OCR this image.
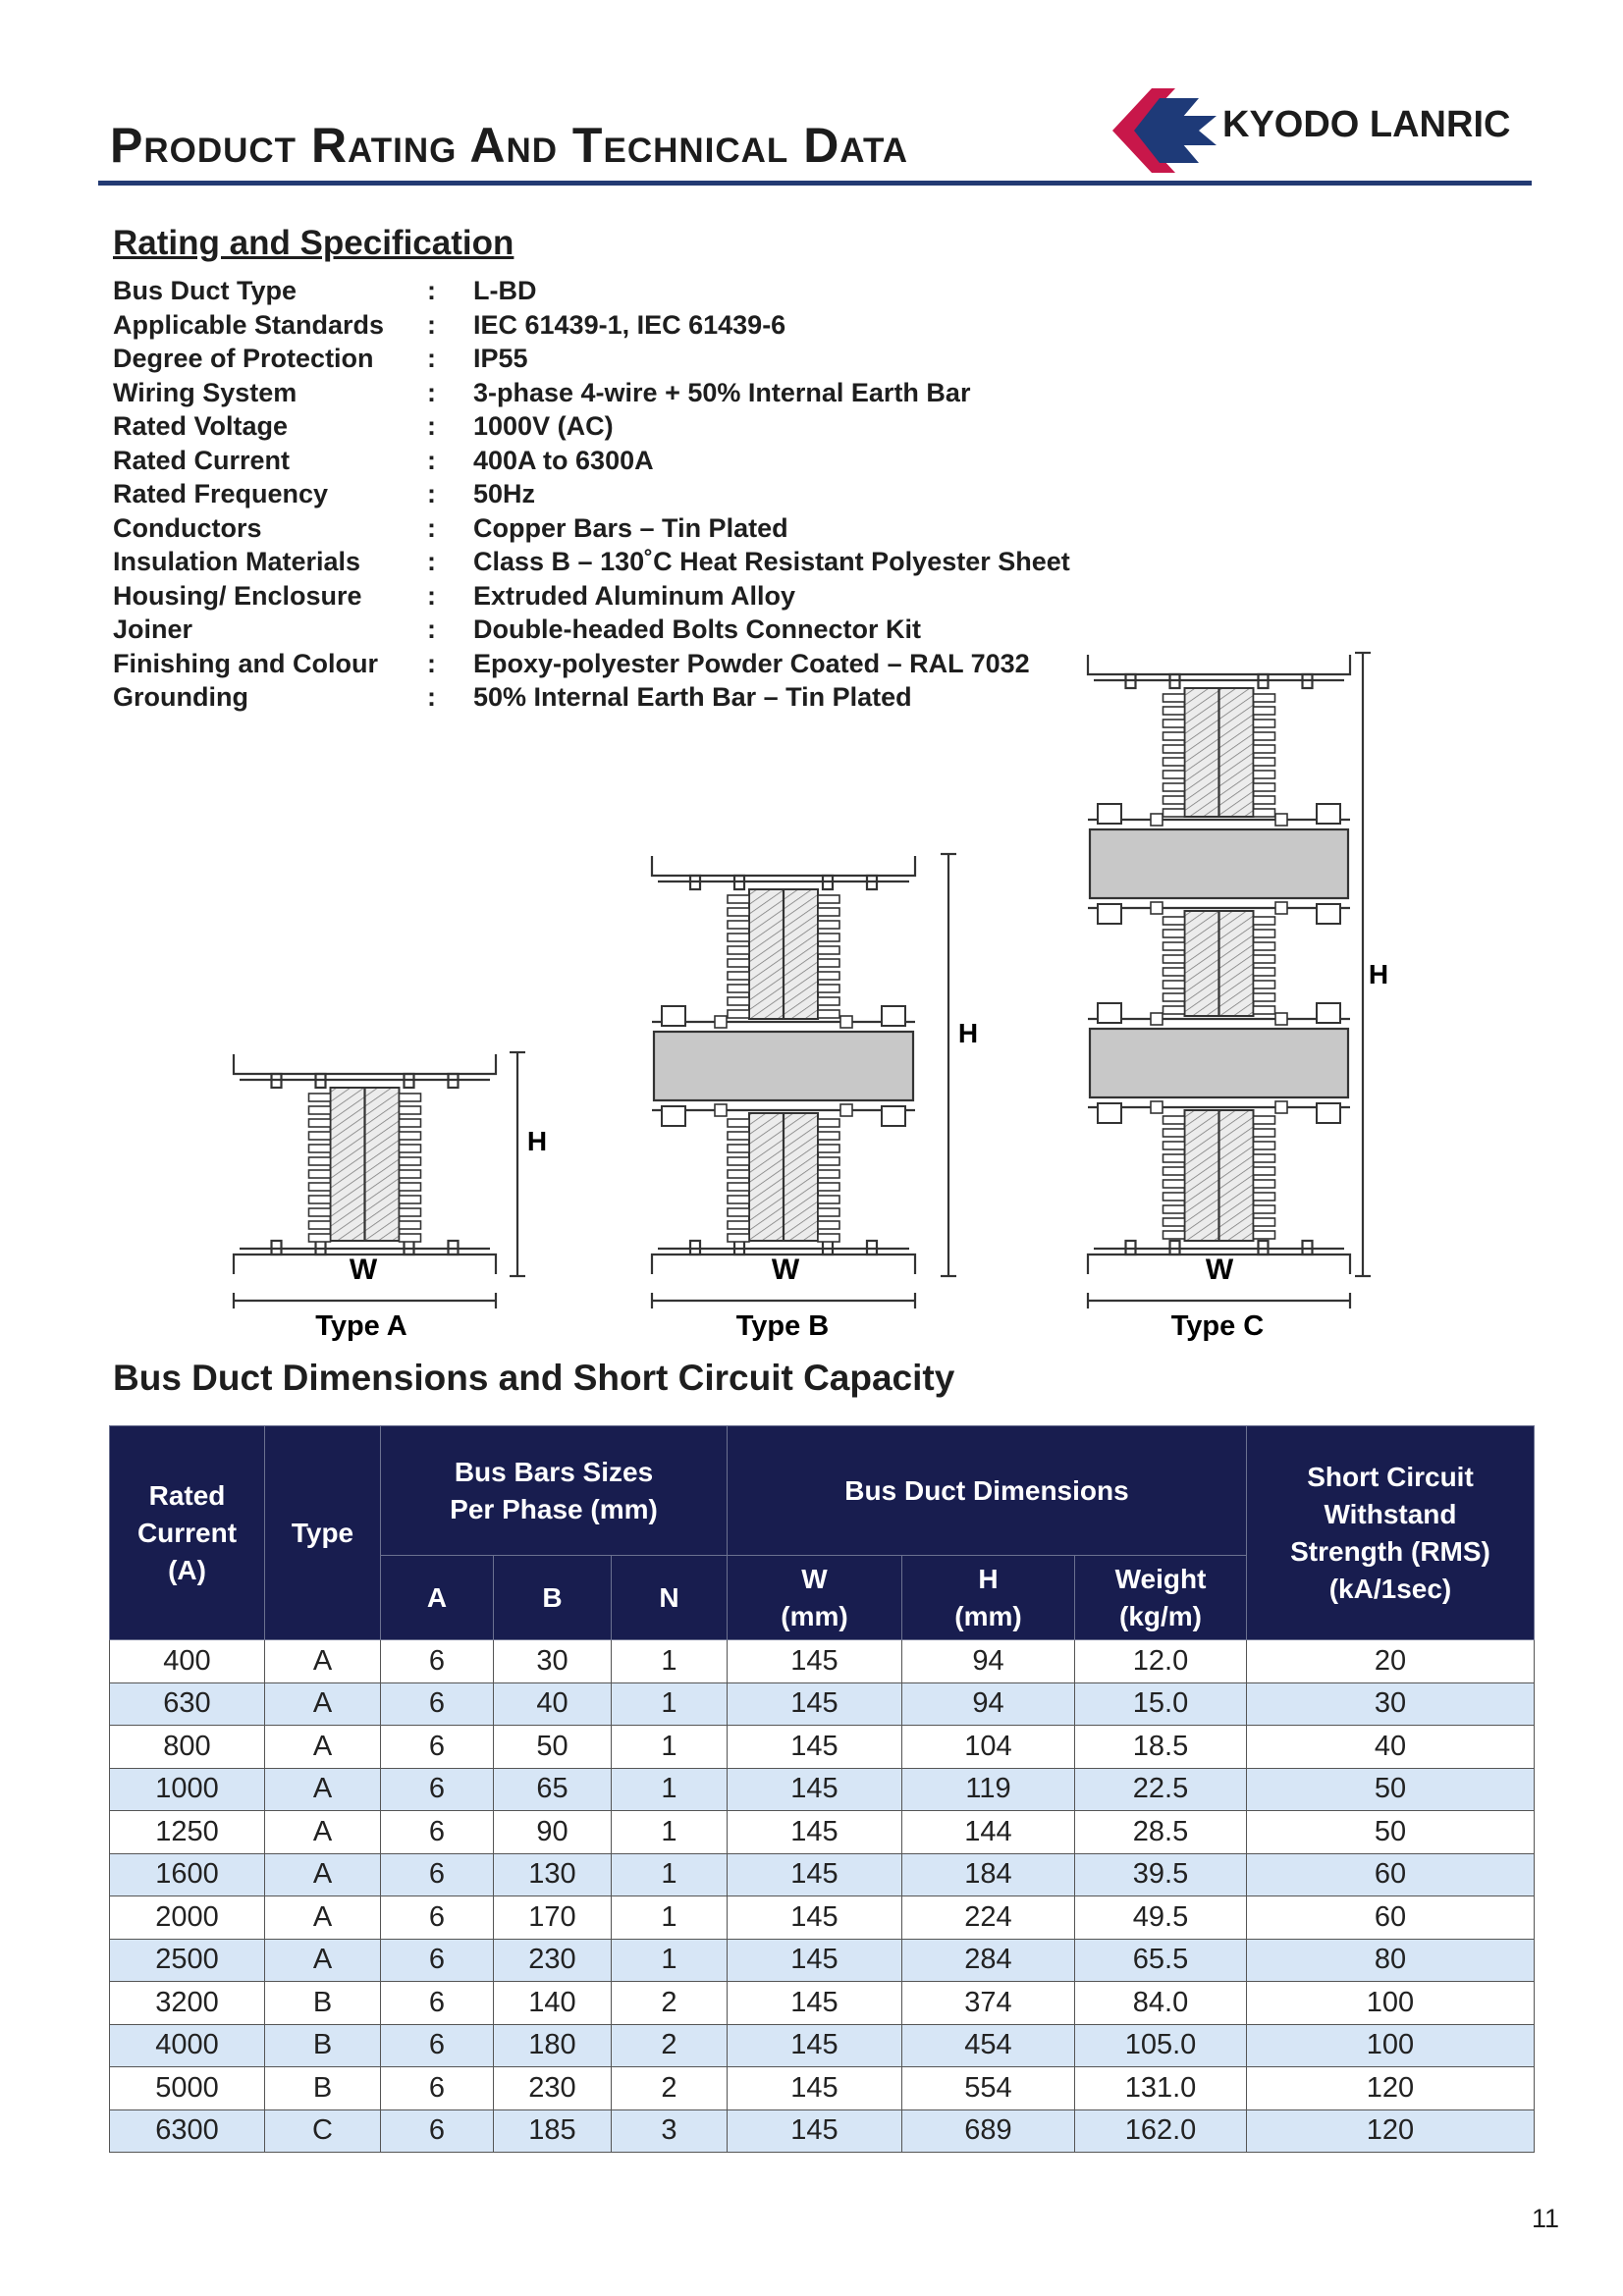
Product Rating And Technical Data	KYODO LANRIC
Rating and Specification
Bus Duct Type	: L-BD
Applicable Standards : IEC 61439-1, IEC 61439-6
Degree of Protection : IP55
Wiring System	: 3-phase 4-wire + 50% Internal Earth Bar
Rated Voltage	: 1000V (AC)
Rated Current	: 400A to 6300A
Rated Frequency	: 50Hz
Conductors	: Copper Bars – Tin Plated
Insulation Materials	: Class B – 130˚C Heat Resistant Polyester Sheet
Housing/ Enclosure : Extruded Aluminum Alloy
Joiner	: Double-headed Bolts Connector Kit
Finishing and Colour : Epoxy-polyester Powder Coated – RAL 7032
Grounding	: 50% Internal Earth Bar – Tin Plated
W	W	W
H
H
H
Type A	Type B	Type C
Bus Duct Dimensions and Short Circuit Capacity
Rated Current (A)	Type	Bus Bars Sizes Per Phase (mm)			Bus Duct Dimensions			Short Circuit Withstand Strength (RMS) (kA/1sec)
		A	B	N	W (mm)	H (mm)	Weight (kg/m)	
400	A	6	30	1	145	94	12.0	20
630	A	6	40	1	145	94	15.0	30
800	A	6	50	1	145	104	18.5	40
1000	A	6	65	1	145	119	22.5	50
1250	A	6	90	1	145	144	28.5	50
1600	A	6	130	1	145	184	39.5	60
2000	A	6	170	1	145	224	49.5	60
2500	A	6	230	1	145	284	65.5	80
3200	B	6	140	2	145	374	84.0	100
4000	B	6	180	2	145	454	105.0	100
5000	B	6	230	2	145	554	131.0	120
6300	C	6	185	3	145	689	162.0	120
11
